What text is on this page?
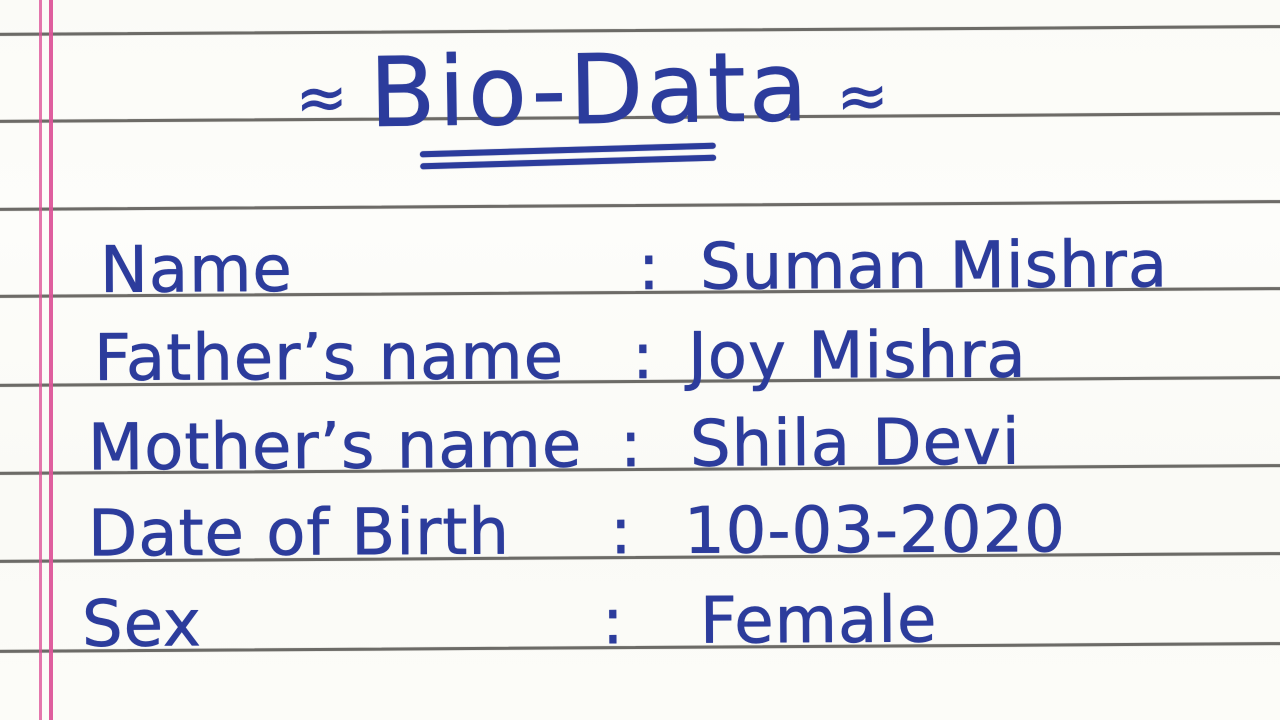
≈ Bio-Data ≈
Name	: Suman Mishra
Father’s name : Joy Mishra
Mother’s name : Shila Devi
Date of Birth : 10-03-2020
Sex	: Female
